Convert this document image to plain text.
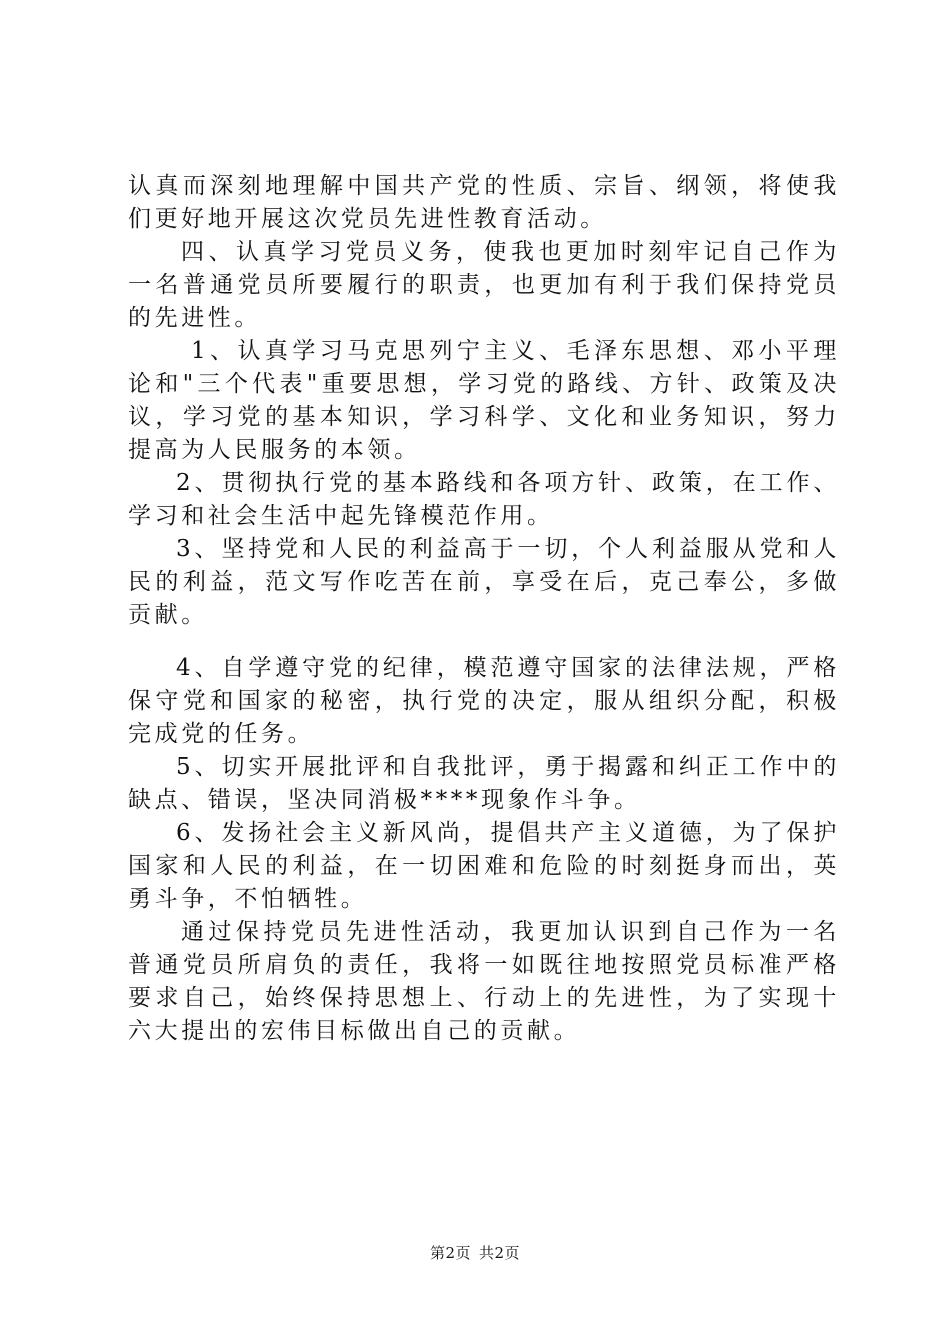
认真而深刻地理解中国共产党的性质、宗旨、纲领，将使我们更好地开展这次党员先进性教育活动。

四、认真学习党员义务，使我也更加时刻牢记自己作为一名普通党员所要履行的职责，也更加有利于我们保持党员的先进性。

1、认真学习马克思列宁主义、毛泽东思想、邓小平理论和"三个代表"重要思想，学习党的路线、方针、政策及决议，学习党的基本知识，学习科学、文化和业务知识，努力提高为人民服务的本领。

2、贯彻执行党的基本路线和各项方针、政策，在工作、学习和社会生活中起先锋模范作用。

3、坚持党和人民的利益高于一切，个人利益服从党和人民的利益，范文写作吃苦在前，享受在后，克己奉公，多做贡献。

4、自学遵守党的纪律，模范遵守国家的法律法规，严格保守党和国家的秘密，执行党的决定，服从组织分配，积极完成党的任务。

5、切实开展批评和自我批评，勇于揭露和纠正工作中的缺点、错误，坚决同消极****现象作斗争。

6、发扬社会主义新风尚，提倡共产主义道德，为了保护国家和人民的利益，在一切困难和危险的时刻挺身而出，英勇斗争，不怕牺牲。

通过保持党员先进性活动，我更加认识到自己作为一名普通党员所肩负的责任，我将一如既往地按照党员标准严格要求自己，始终保持思想上、行动上的先进性，为了实现十六大提出的宏伟目标做出自己的贡献。

第2页 共2页
